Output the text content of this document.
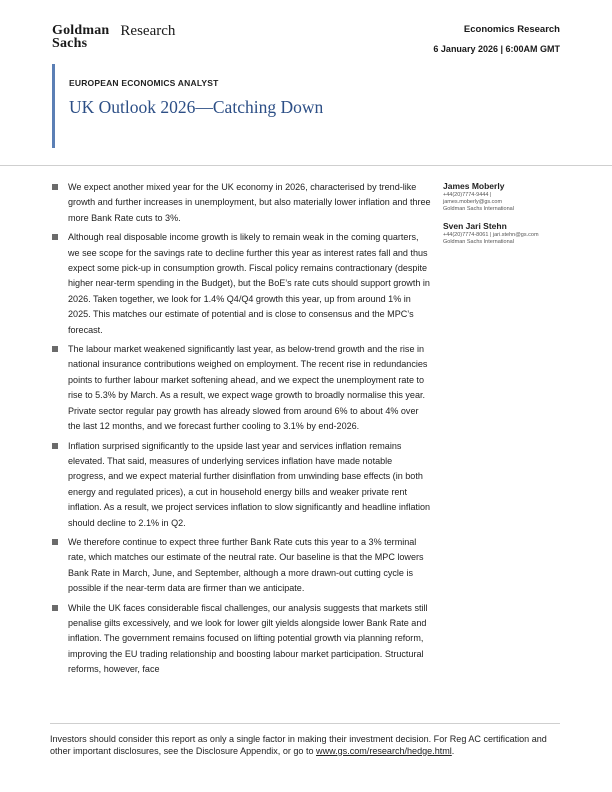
Goldman
Sachs
Research	Economics Research
6 January 2026 | 6:00AM GMT
EUROPEAN ECONOMICS ANALYST
UK Outlook 2026—Catching Down
We expect another mixed year for the UK economy in 2026, characterised by trend-like growth and further increases in unemployment, but also materially lower inflation and three more Bank Rate cuts to 3%.
Although real disposable income growth is likely to remain weak in the coming quarters, we see scope for the savings rate to decline further this year as interest rates fall and thus expect some pick-up in consumption growth. Fiscal policy remains contractionary (despite higher near-term spending in the Budget), but the BoE’s rate cuts should support growth in 2026. Taken together, we look for 1.4% Q4/Q4 growth this year, up from around 1% in 2025. This matches our estimate of potential and is close to consensus and the MPC’s forecast.
The labour market weakened significantly last year, as below-trend growth and the rise in national insurance contributions weighed on employment. The recent rise in redundancies points to further labour market softening ahead, and we expect the unemployment rate to rise to 5.3% by March. As a result, we expect wage growth to broadly normalise this year. Private sector regular pay growth has already slowed from around 6% to about 4% over the last 12 months, and we forecast further cooling to 3.1% by end-2026.
Inflation surprised significantly to the upside last year and services inflation remains elevated. That said, measures of underlying services inflation have made notable progress, and we expect material further disinflation from unwinding base effects (in both energy and regulated prices), a cut in household energy bills and weaker private rent inflation. As a result, we project services inflation to slow significantly and headline inflation should decline to 2.1% in Q2.
We therefore continue to expect three further Bank Rate cuts this year to a 3% terminal rate, which matches our estimate of the neutral rate. Our baseline is that the MPC lowers Bank Rate in March, June, and September, although a more drawn-out cutting cycle is possible if the near-term data are firmer than we anticipate.
While the UK faces considerable fiscal challenges, our analysis suggests that markets still penalise gilts excessively, and we look for lower gilt yields alongside lower Bank Rate and inflation. The government remains focused on lifting potential growth via planning reform, improving the EU trading relationship and boosting labour market participation. Structural reforms, however, face
James Moberly
+44(20)7774-9444 |
james.moberly@gs.com
Goldman Sachs International
Sven Jari Stehn
+44(20)7774-8061 | jari.stehn@gs.com
Goldman Sachs International
Investors should consider this report as only a single factor in making their investment decision. For Reg AC certification and other important disclosures, see the Disclosure Appendix, or go to www.gs.com/research/hedge.html.
